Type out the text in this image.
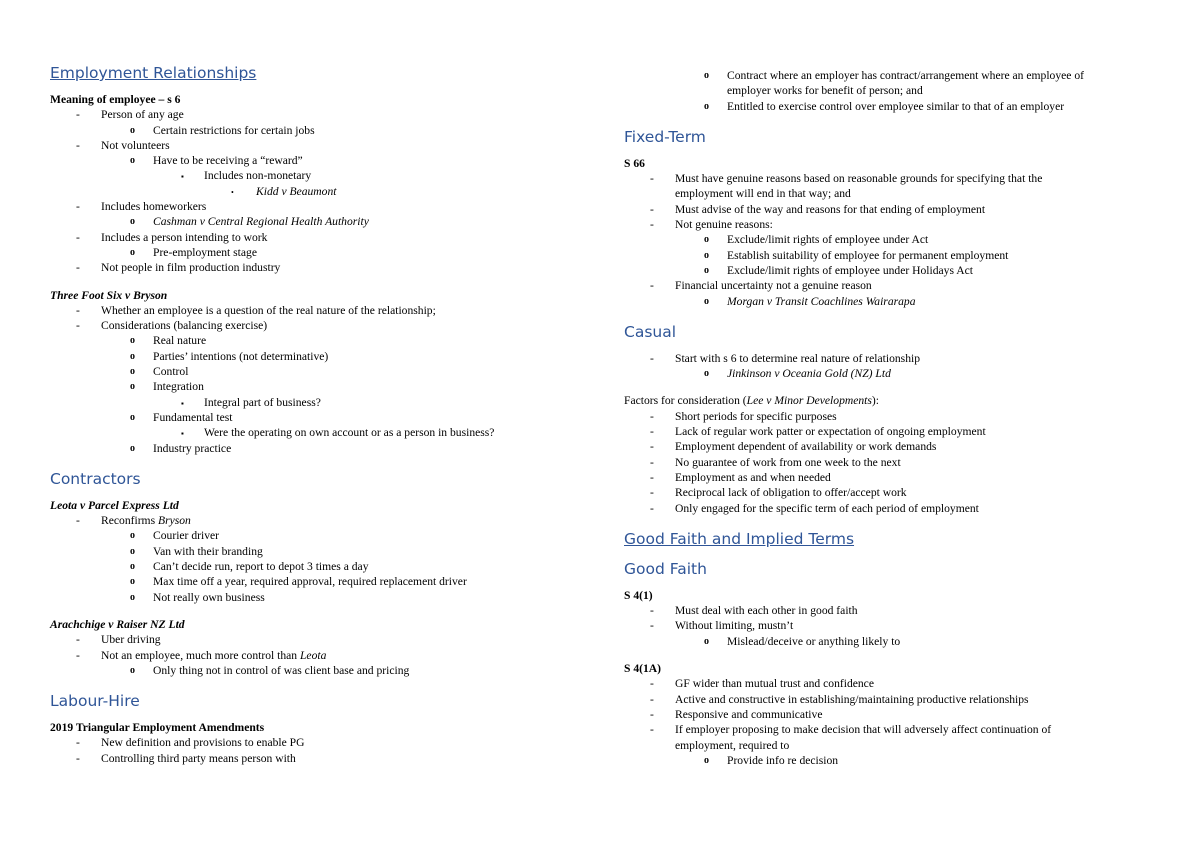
Employment Relationships
Meaning of employee – s 6
- Person of any age
o Certain restrictions for certain jobs
- Not volunteers
o Have to be receiving a “reward”
▪ Includes non-monetary
• Kidd v Beaumont
- Includes homeworkers
o Cashman v Central Regional Health Authority
- Includes a person intending to work
o Pre-employment stage
- Not people in film production industry
Three Foot Six v Bryson
- Whether an employee is a question of the real nature of the relationship;
- Considerations (balancing exercise)
o Real nature
o Parties’ intentions (not determinative)
o Control
o Integration
▪ Integral part of business?
o Fundamental test
▪ Were the operating on own account or as a person in business?
o Industry practice
Contractors
Leota v Parcel Express Ltd
- Reconfirms Bryson
o Courier driver
o Van with their branding
o Can’t decide run, report to depot 3 times a day
o Max time off a year, required approval, required replacement driver
o Not really own business
Arachchige v Raiser NZ Ltd
- Uber driving
- Not an employee, much more control than Leota
o Only thing not in control of was client base and pricing
Labour-Hire
2019 Triangular Employment Amendments
- New definition and provisions to enable PG
- Controlling third party means person with
o Contract where an employer has contract/arrangement where an employee of employer works for benefit of person; and
o Entitled to exercise control over employee similar to that of an employer
Fixed-Term
S 66
- Must have genuine reasons based on reasonable grounds for specifying that the employment will end in that way; and
- Must advise of the way and reasons for that ending of employment
- Not genuine reasons:
o Exclude/limit rights of employee under Act
o Establish suitability of employee for permanent employment
o Exclude/limit rights of employee under Holidays Act
- Financial uncertainty not a genuine reason
o Morgan v Transit Coachlines Wairarapa
Casual
- Start with s 6 to determine real nature of relationship
o Jinkinson v Oceania Gold (NZ) Ltd
Factors for consideration (Lee v Minor Developments):
- Short periods for specific purposes
- Lack of regular work patter or expectation of ongoing employment
- Employment dependent of availability or work demands
- No guarantee of work from one week to the next
- Employment as and when needed
- Reciprocal lack of obligation to offer/accept work
- Only engaged for the specific term of each period of employment
Good Faith and Implied Terms
Good Faith
S 4(1)
- Must deal with each other in good faith
- Without limiting, mustn’t
o Mislead/deceive or anything likely to
S 4(1A)
- GF wider than mutual trust and confidence
- Active and constructive in establishing/maintaining productive relationships
- Responsive and communicative
- If employer proposing to make decision that will adversely affect continuation of employment, required to
o Provide info re decision
